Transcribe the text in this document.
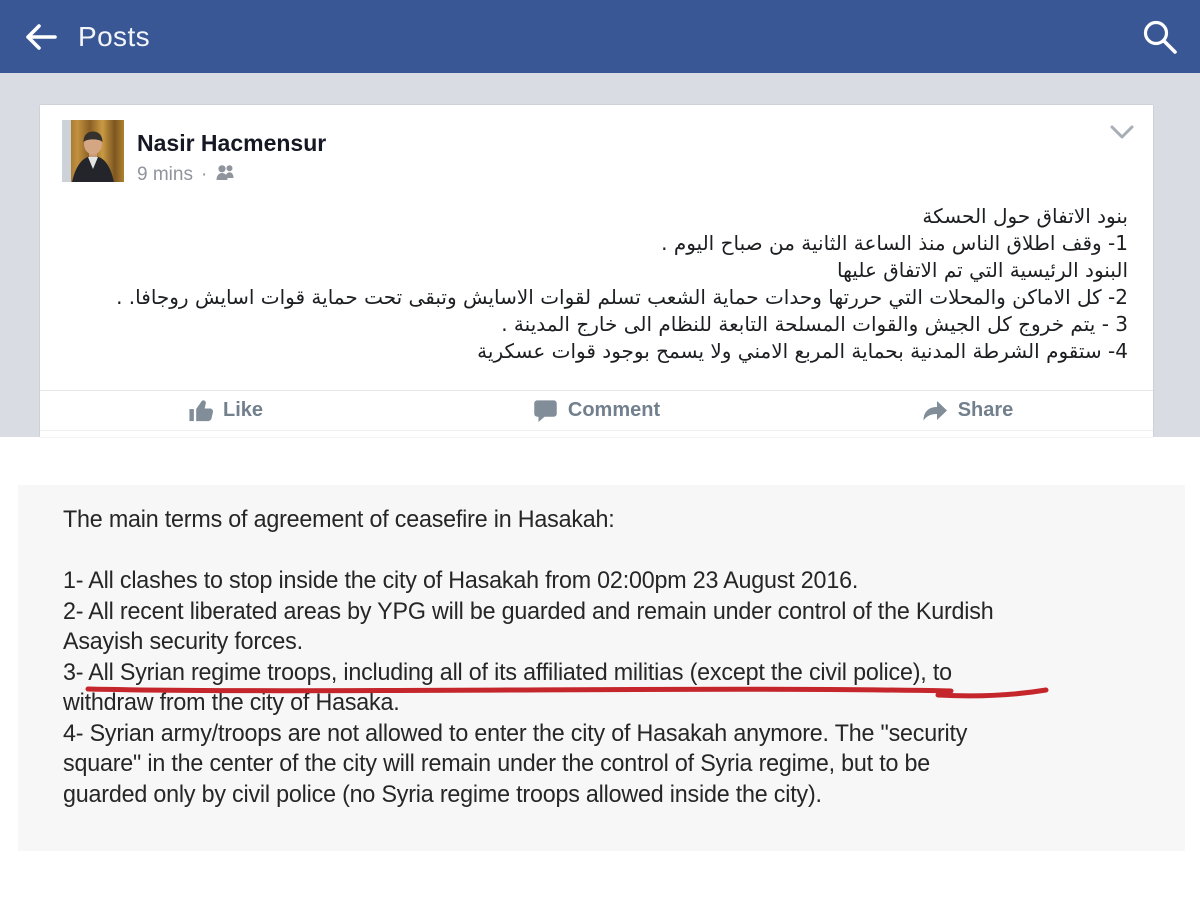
Posts
Nasir Hacmensur
9 mins ·
بنود الاتفاق حول الحسكة
1- وقف اطلاق الناس منذ الساعة الثانية من صباح اليوم .
البنود الرئيسية التي تم الاتفاق عليها
2- كل الاماكن والمحلات التي حررتها وحدات حماية الشعب تسلم لقوات الاسايش وتبقى تحت حماية قوات اسايش روجافا. .
3 - يتم خروج كل الجيش والقوات المسلحة التابعة للنظام الى خارج المدينة .
4- ستقوم الشرطة المدنية بحماية المربع الامني ولا يسمح بوجود قوات عسكرية
Like	Comment	Share
The main terms of agreement of ceasefire in Hasakah:
1- All clashes to stop inside the city of Hasakah from 02:00pm 23 August 2016.
2- All recent liberated areas by YPG will be guarded and remain under control of the Kurdish
Asayish security forces.
3- All Syrian regime troops, including all of its affiliated militias (except the civil police), to
withdraw from the city of Hasaka.
4- Syrian army/troops are not allowed to enter the city of Hasakah anymore. The "security
square" in the center of the city will remain under the control of Syria regime, but to be
guarded only by civil police (no Syria regime troops allowed inside the city).
